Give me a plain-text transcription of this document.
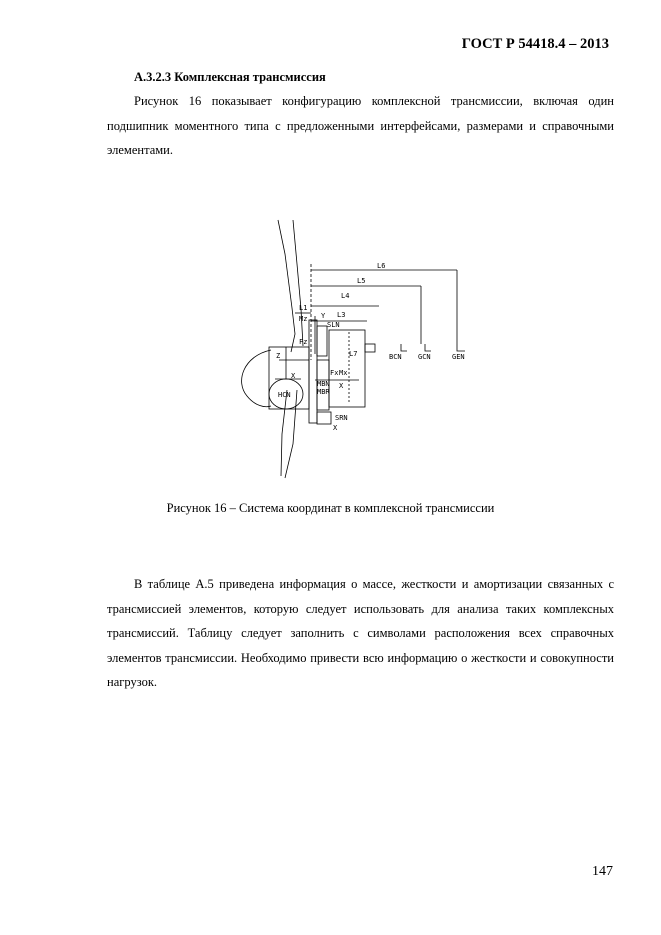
ГОСТ Р 54418.4 – 2013
А.3.2.3 Комплексная трансмиссия
Рисунок 16 показывает конфигурацию комплексной трансмиссии, включая один подшипник моментного типа с предложенными интерфейсами, размерами и справочными элементами.
L6
L5
L4
L3
L1
L7
HCN
MBN
MBR
SLN
SRN
BCN GCN	GEN
Mz
Fz
Fx Mx
Z
X
Y
X
X
Рисунок 16 – Система координат в комплексной трансмиссии
В таблице А.5 приведена информация о массе, жесткости и амортизации связанных с трансмиссией элементов, которую следует использовать для анализа таких комплексных трансмиссий. Таблицу следует заполнить с символами расположения всех справочных элементов трансмиссии. Необходимо привести всю информацию о жесткости и совокупности нагрузок.
147
